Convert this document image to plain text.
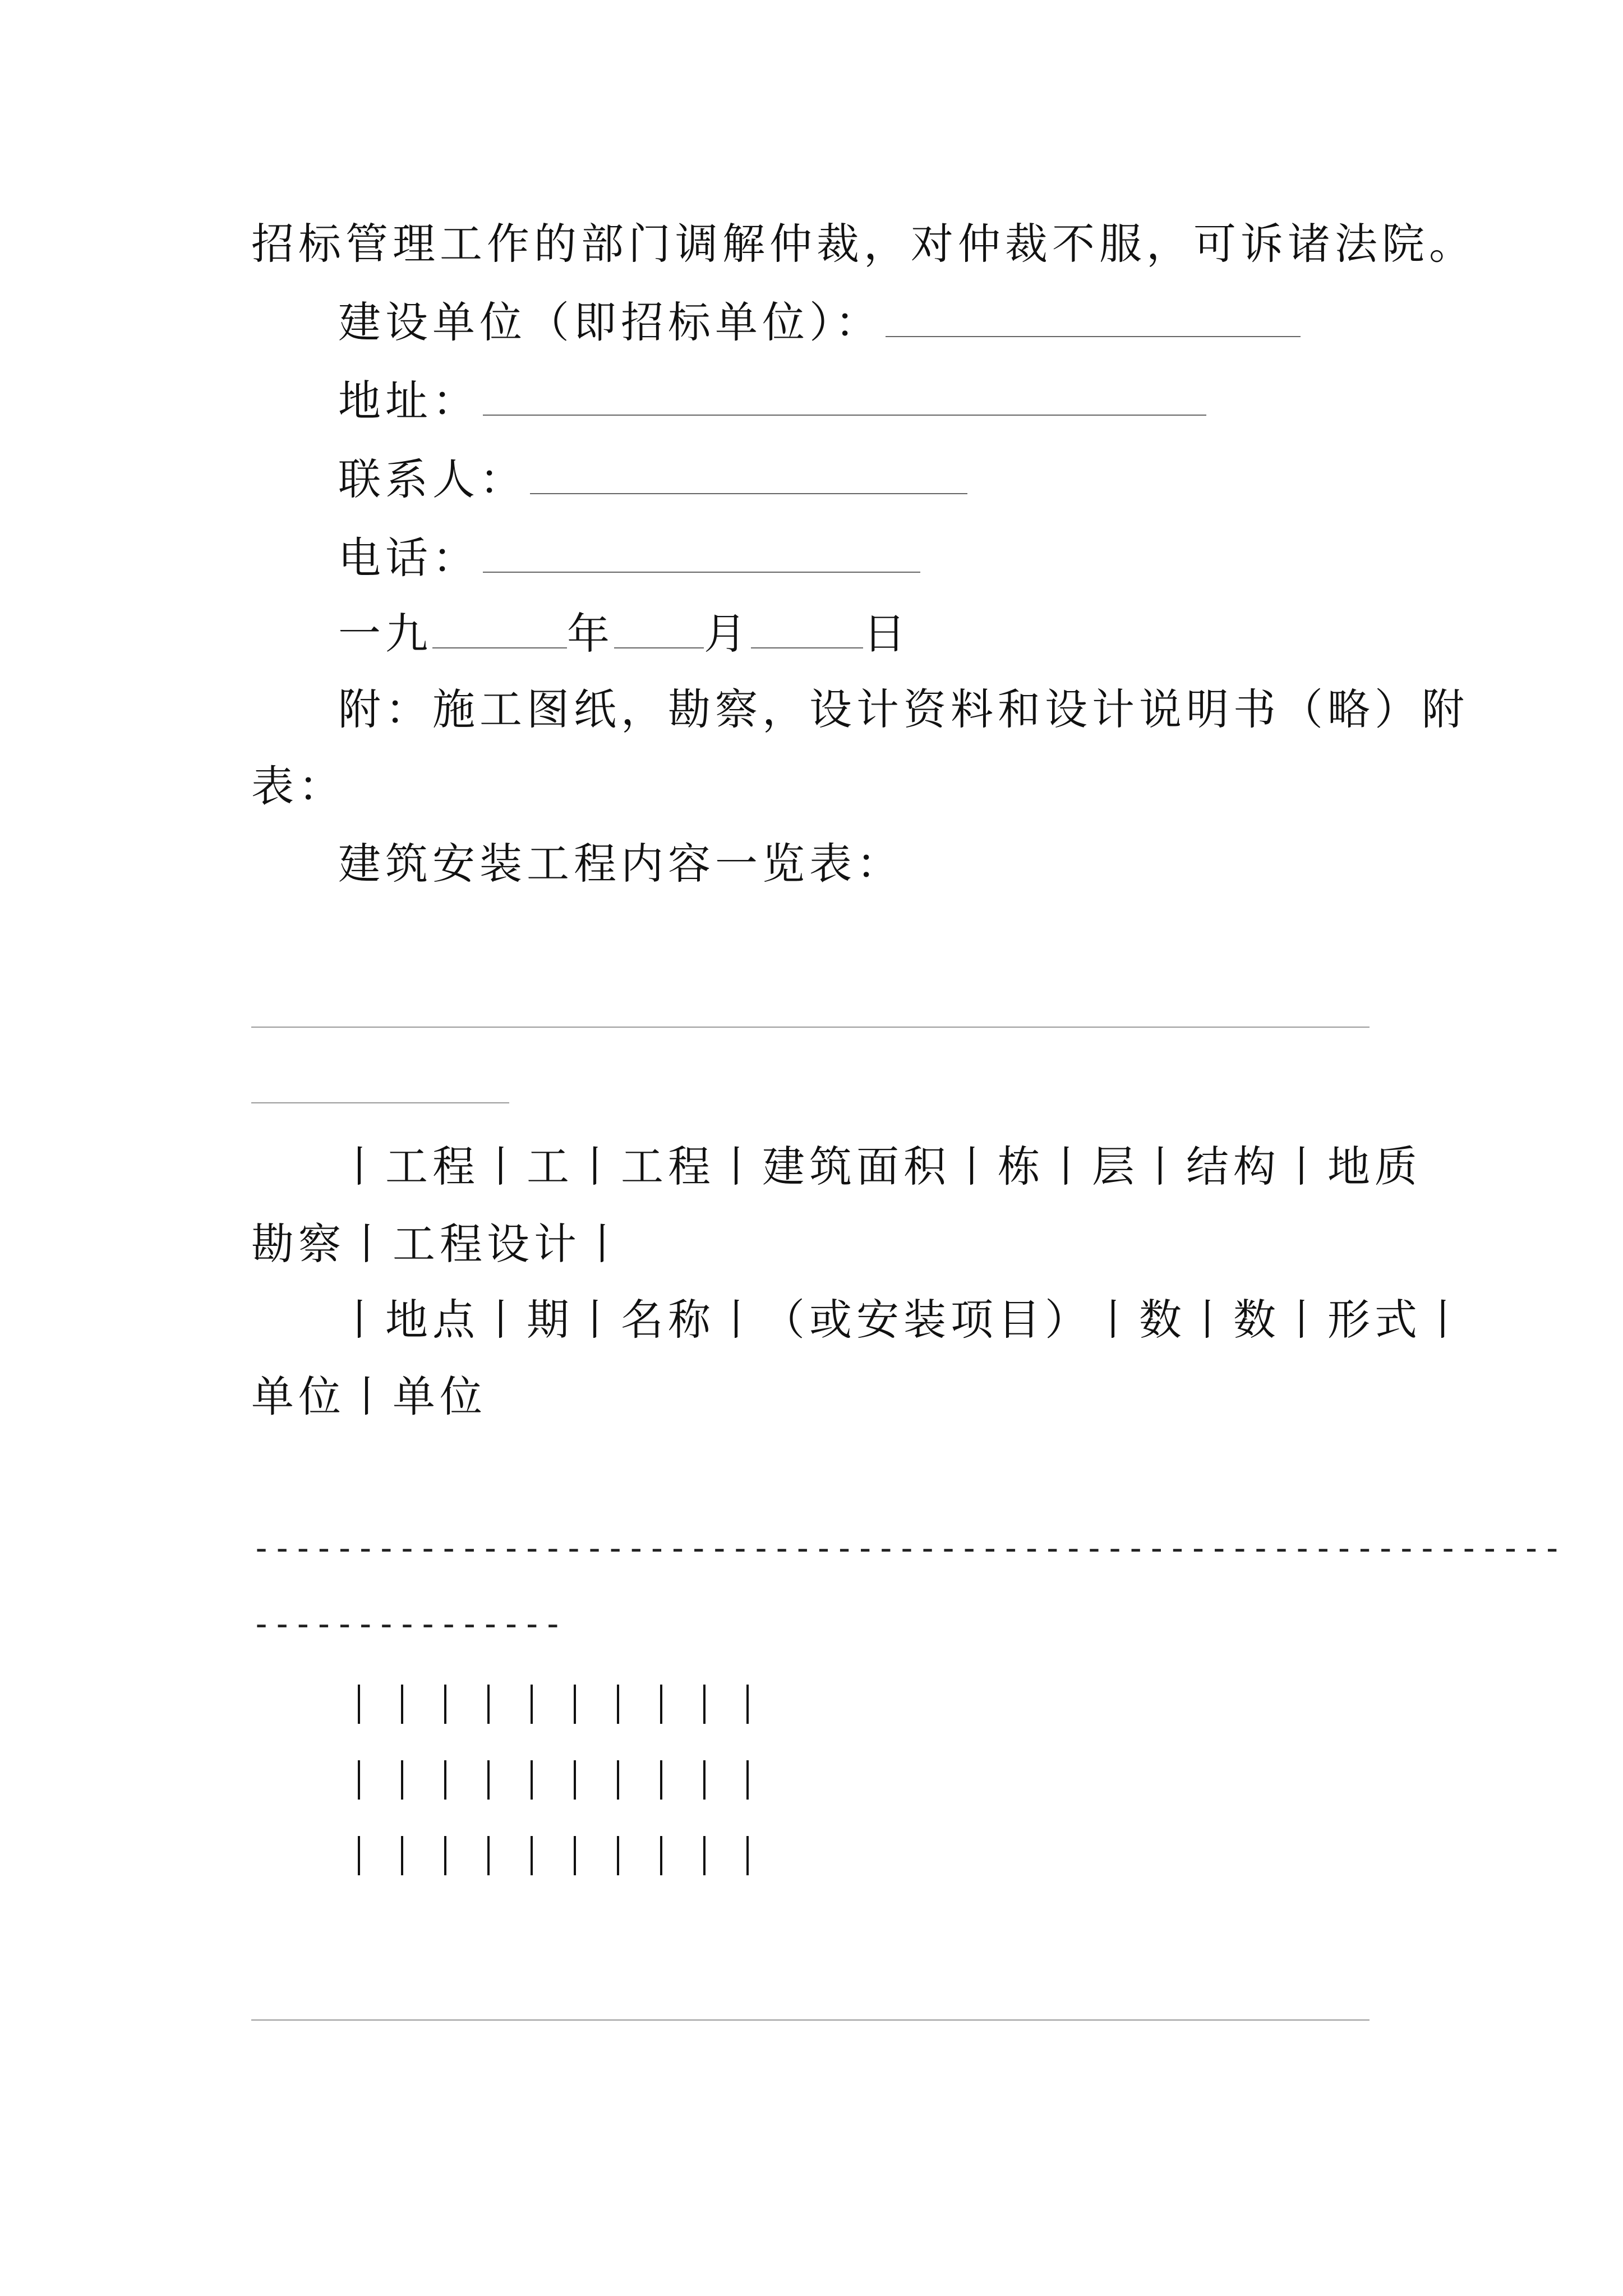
招标管理工作的部门调解仲裁，对仲裁不服，可诉诸法院。
建设单位（即招标单位）：
地址：
联系人：
电话：
一九	年 月	日
附：施工图纸，勘察，设计资料和设计说明书（略）附
表：
建筑安装工程内容一览表：
丨工程丨工丨工程丨建筑面积丨栋丨层丨结构丨地质
勘察丨工程设计丨
丨地点丨期丨名称丨（或安装项目）丨数丨数丨形式丨
单位丨单位
---------------------------------------------------------------
---------------
